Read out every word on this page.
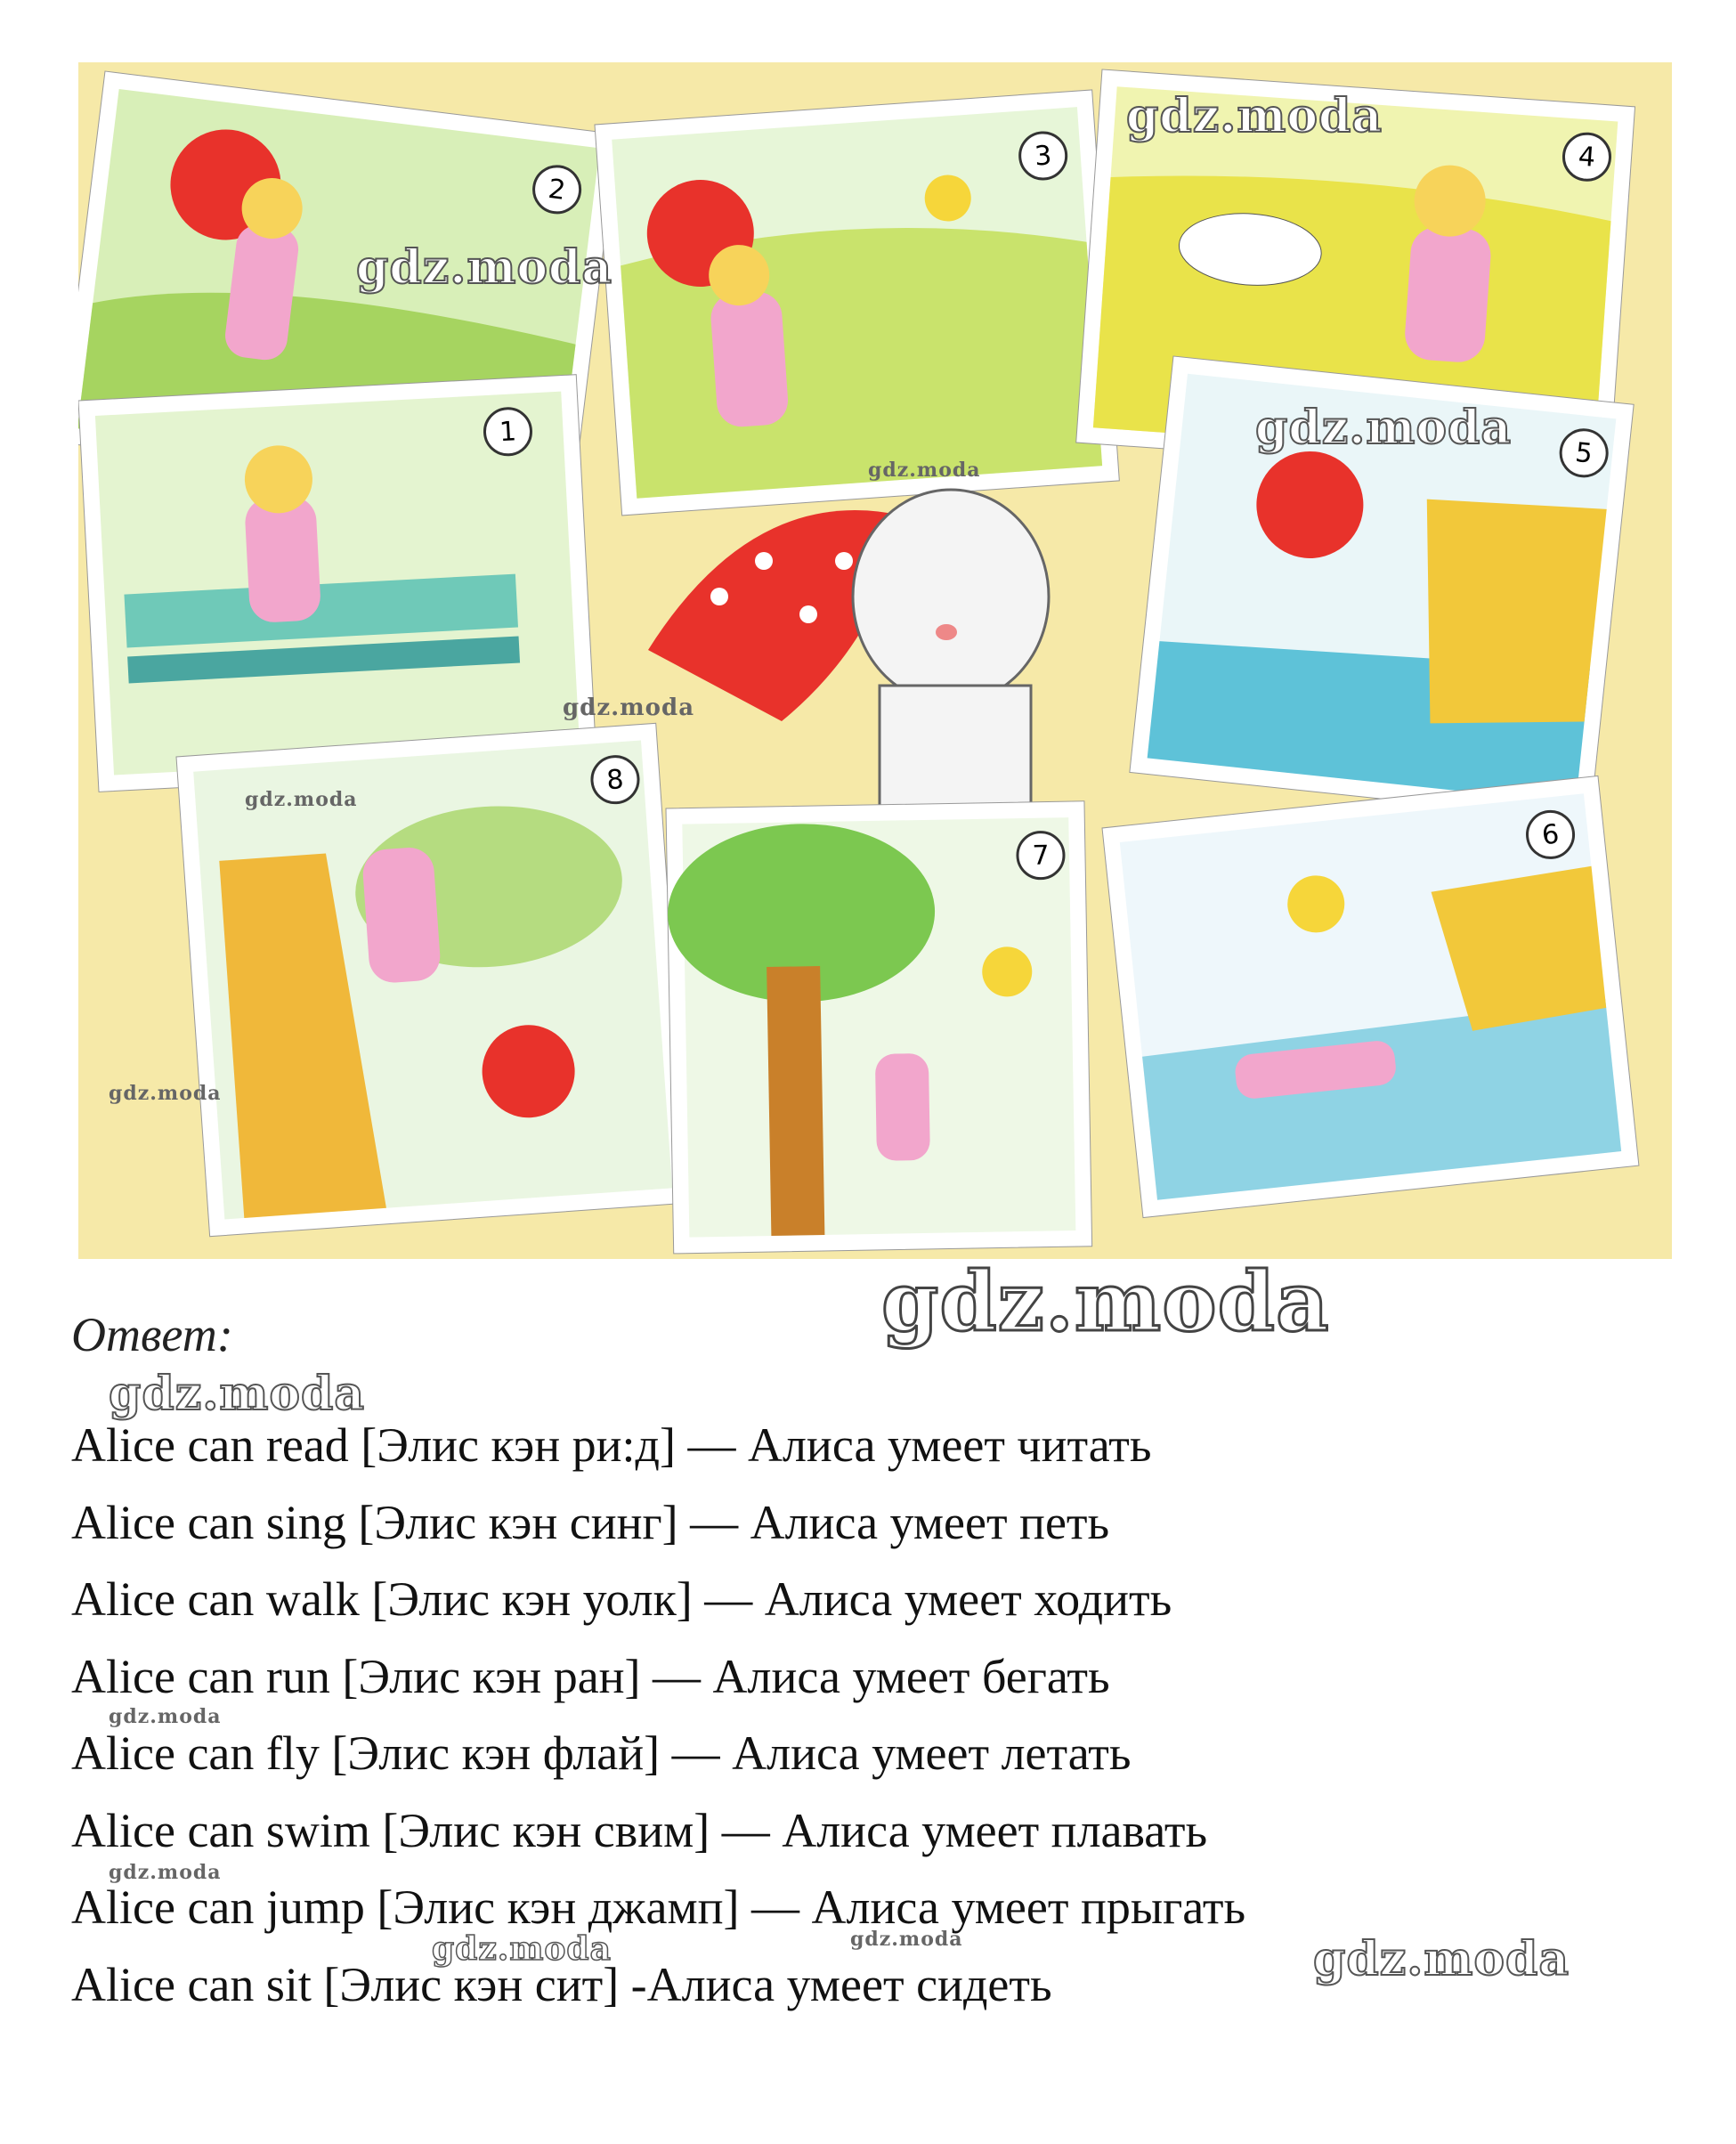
2
3	4
1
5
8
7
6
Ответ:
Alice can read [Элис кэн ри:д] — Алиса умеет читать
Alice can sing [Элис кэн синг] — Алиса умеет петь
Alice can walk [Элис кэн уолк] — Алиса умеет ходить
Alice can run [Элис кэн ран] — Алиса умеет бегать
Alice can fly [Элис кэн флай] — Алиса умеет летать
Alice can swim [Элис кэн свим] — Алиса умеет плавать
Alice can jump [Элис кэн джамп] — Алиса умеет прыгать
Alice can sit [Элис кэн сит] -Алиса умеет сидеть
gdz.moda
gdz.moda
gdz.moda
gdz.moda
gdz.moda
gdz.moda
gdz.moda
gdz.moda
gdz.moda
gdz.moda
gdz.moda
gdz.moda
gdz.moda
gdz.moda
